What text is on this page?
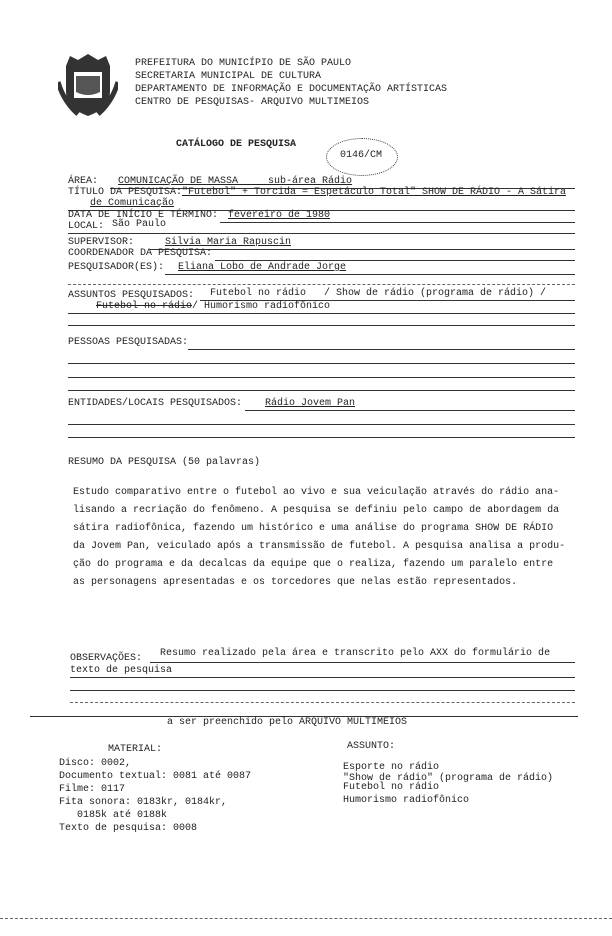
PREFEITURA DO MUNICÍPIO DE SÃO PAULO
SECRETARIA MUNICIPAL DE CULTURA
DEPARTAMENTO DE INFORMAÇÃO E DOCUMENTAÇÃO ARTÍSTICAS
CENTRO DE PESQUISAS- ARQUIVO MULTIMEIOS
CATÁLOGO DE PESQUISA
0146/CM
ÁREA: COMUNICAÇÃO DE MASSA     sub-área Rádio
TÍTULO DA PESQUISA: "Futebol" + Torcida = Espetáculo Total" SHOW DE RÁDIO - A Sátira
de Comunicação
DATA DE INÍCIO E TÉRMINO: fevereiro de 1980
LOCAL: São Paulo
SUPERVISOR:	Silvia Maria Rapuscin
COORDENADOR DA PESQUISA:
PESQUISADOR(ES): Eliana Lobo de Andrade Jorge
ASSUNTOS PESQUISADOS: Futebol no rádio   / Show de rádio (programa de rádio) /
Futebol no rádio / Humorismo radiofônico
PESSOAS PESQUISADAS:
ENTIDADES/LOCAIS PESQUISADOS: Rádio Jovem Pan
RESUMO DA PESQUISA (50 palavras)
Estudo comparativo entre o futebol ao vivo e sua veiculação através do rádio ana-
lisando a recriação do fenômeno. A pesquisa se definiu pelo campo de abordagem da
sátira radiofônica, fazendo um histórico e uma análise do programa SHOW DE RÁDIO
da Jovem Pan, veiculado após a transmissão de futebol. A pesquisa analisa a produ-
ção do programa e da decalcas da equipe que o realiza, fazendo um paralelo entre
as personagens apresentadas e os torcedores que nelas estão representados.
OBSERVAÇÕES: Resumo realizado pela área e transcrito pelo AXX do formulário de
texto de pesquisa
a ser preenchido pelo ARQUIVO MULTIMEIOS
MATERIAL:
Disco: 0002,
Documento textual: 0081 até 0087
Filme: 0117
Fita sonora: 0183kr, 0184kr,
0185k até 0188k
Texto de pesquisa: 0008
ASSUNTO:
Esporte no rádio
"Show de rádio" (programa de rádio)
Futebol no rádio
Humorismo radiofônico
